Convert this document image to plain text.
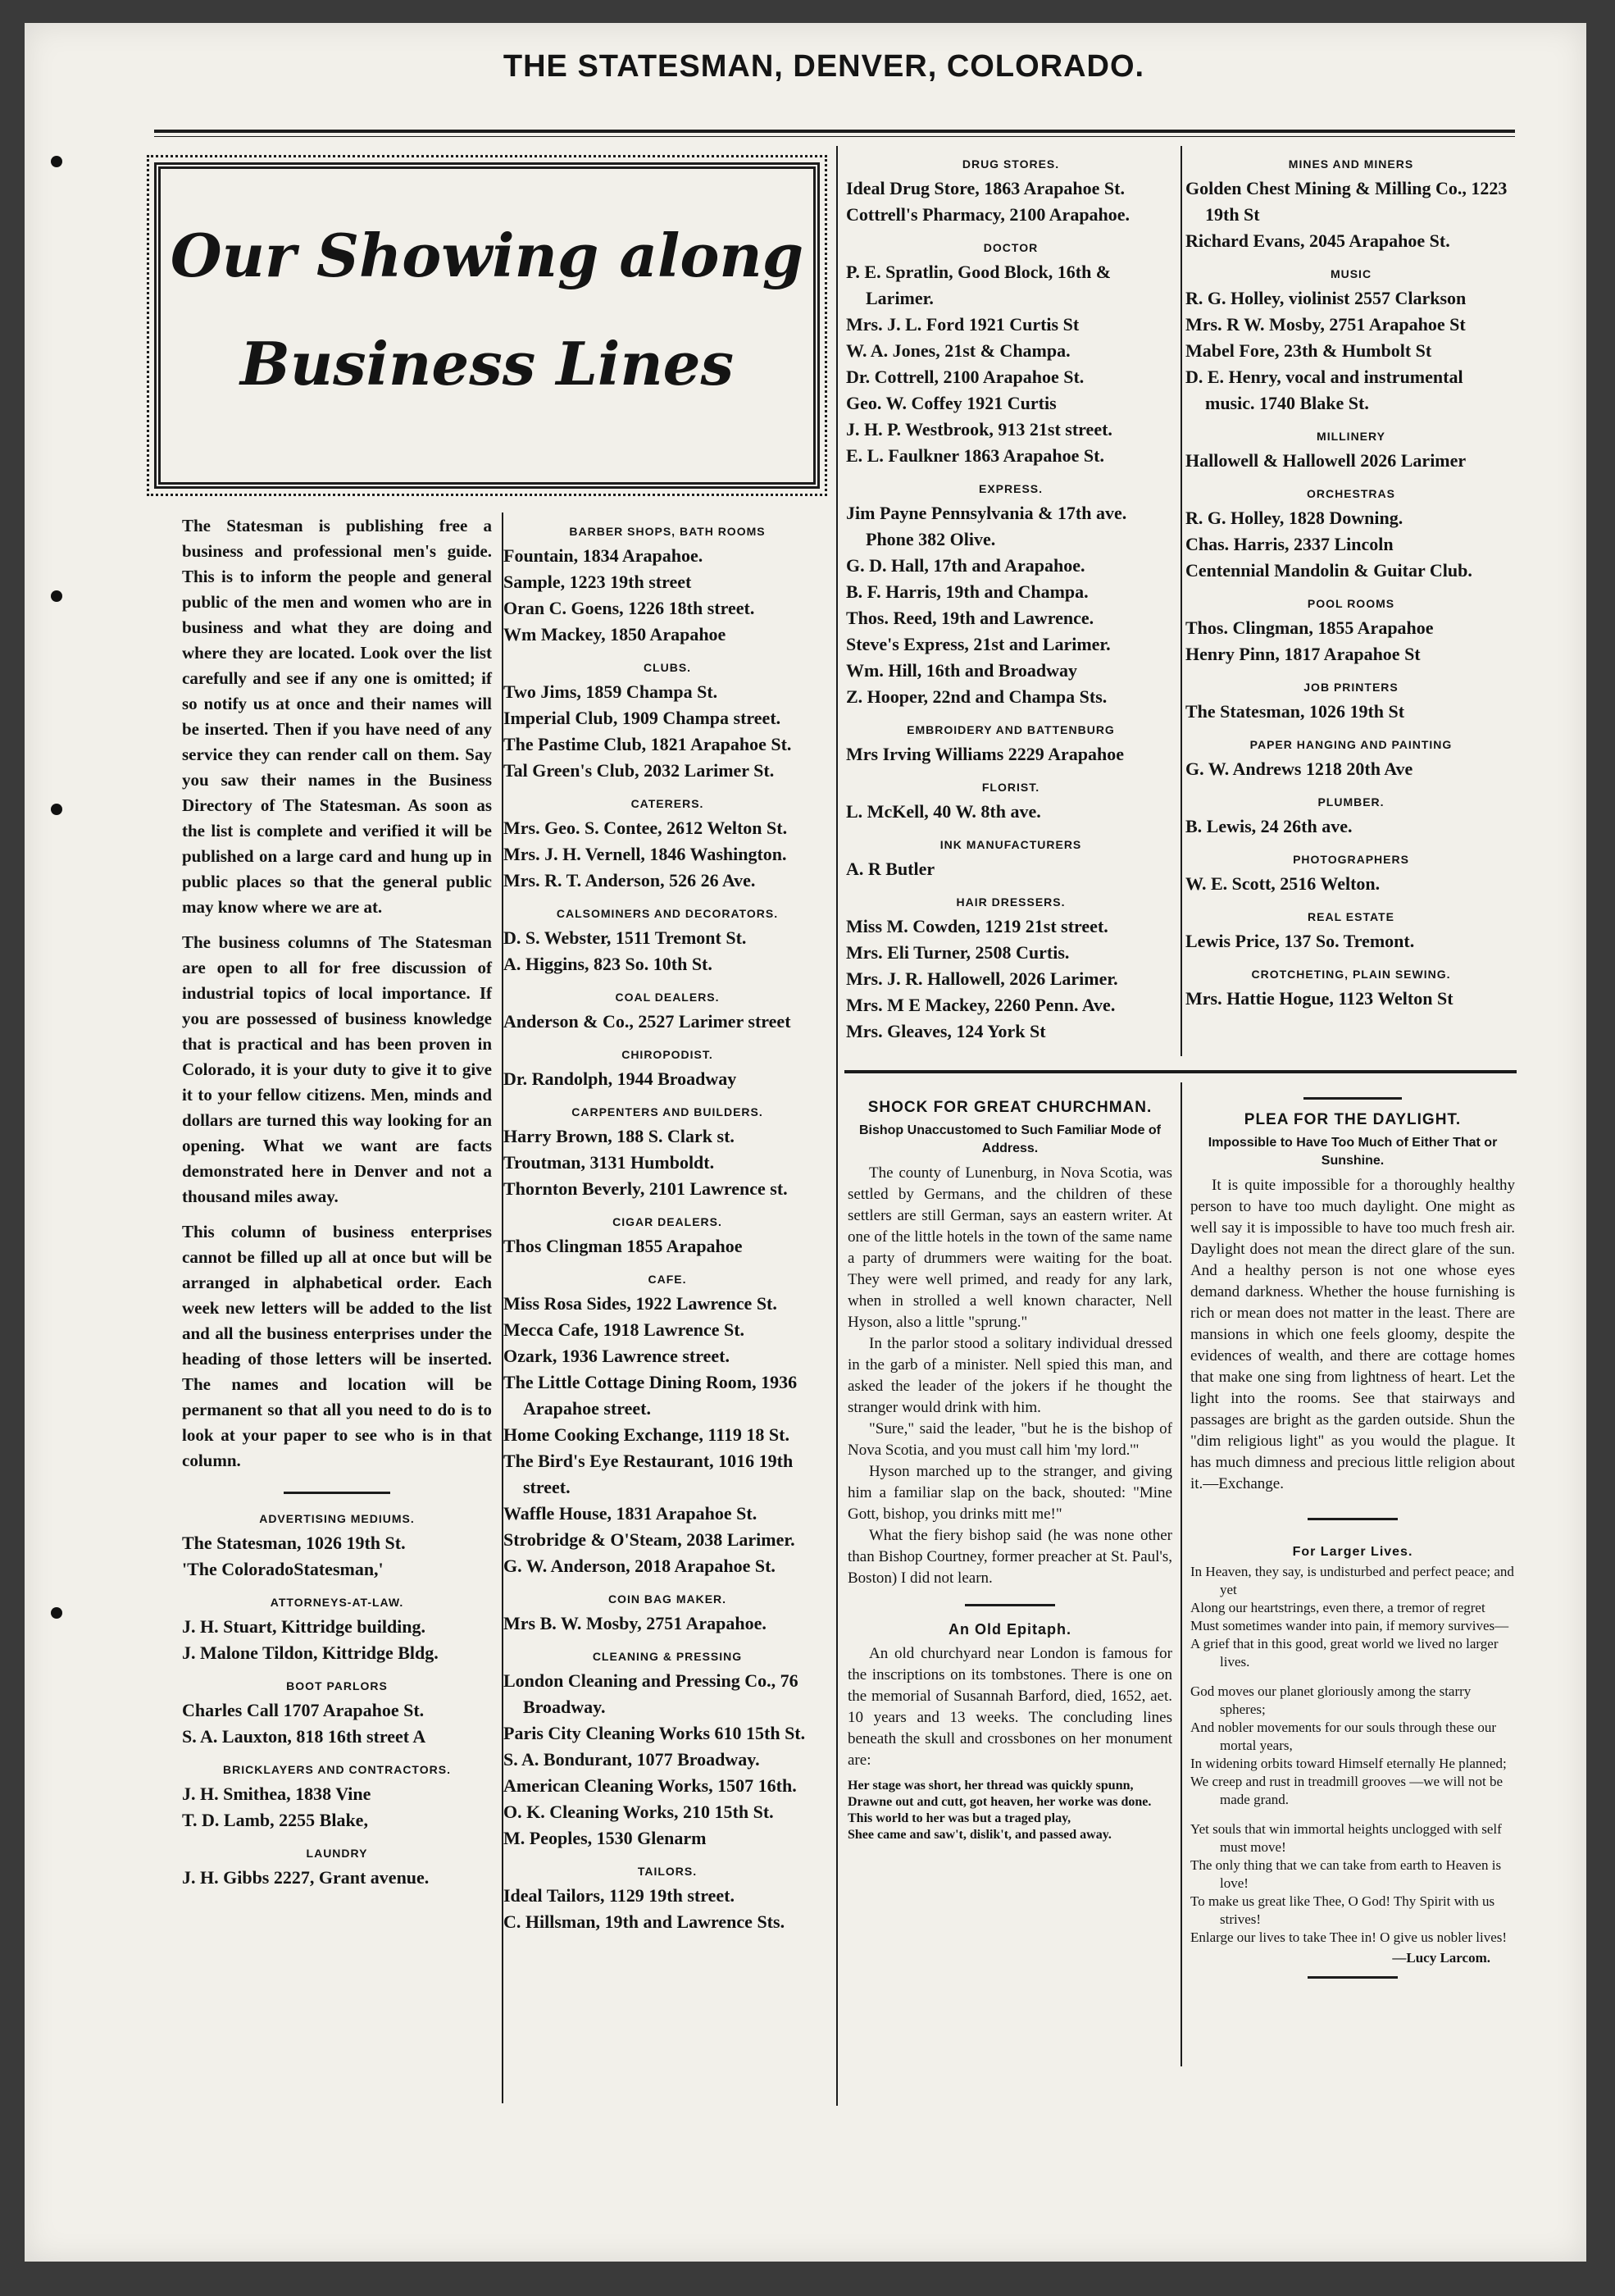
THE STATESMAN, DENVER, COLORADO.
Our Showing along
Business Lines

The Statesman is publishing free a business and professional men's guide. This is to inform the people and general public of the men and women who are in business and what they are doing and where they are located. Look over the list carefully and see if any one is omitted; if so notify us at once and their names will be inserted. Then if you have need of any service they can render call on them. Say you saw their names in the Business Directory of The Statesman. As soon as the list is complete and verified it will be published on a large card and hung up in public places so that the general public may know where we are at.

The business columns of The Statesman are open to all for free discussion of industrial topics of local importance. If you are possessed of business knowledge that is practical and has been proven in Colorado, it is your duty to give it to give it to your fellow citizens. Men, minds and dollars are turned this way looking for an opening. What we want are facts demonstrated here in Denver and not a thousand miles away.

This column of business enterprises cannot be filled up all at once but will be arranged in alphabetical order. Each week new letters will be added to the list and all the business enterprises under the heading of those letters will be inserted. The names and location will be permanent so that all you need to do is to look at your paper to see who is in that column.

ADVERTISING MEDIUMS.
The Statesman, 1026 19th St.
'The ColoradoStatesman,'
ATTORNEYS-AT-LAW.
J. H. Stuart, Kittridge building.
J. Malone Tildon, Kittridge Bldg.
BOOT PARLORS
Charles Call 1707 Arapahoe St.
S. A. Lauxton, 818 16th street A
BRICKLAYERS AND CONTRACTORS.
J. H. Smithea, 1838 Vine
T. D. Lamb, 2255 Blake,
LAUNDRY
J. H. Gibbs 2227, Grant avenue.
BARBER SHOPS, BATH ROOMS
Fountain, 1834 Arapahoe.
Sample, 1223 19th street
Oran C. Goens, 1226 18th street.
Wm Mackey, 1850 Arapahoe
CLUBS.
Two Jims, 1859 Champa St.
Imperial Club, 1909 Champa street.
The Pastime Club, 1821 Arapahoe St.
Tal Green's Club, 2032 Larimer St.
CATERERS.
Mrs. Geo. S. Contee, 2612 Welton St.
Mrs. J. H. Vernell, 1846 Washington.
Mrs. R. T. Anderson, 526 26 Ave.
CALSOMINERS AND DECORATORS.
D. S. Webster, 1511 Tremont St.
A. Higgins, 823 So. 10th St.
COAL DEALERS.
Anderson & Co., 2527 Larimer street
CHIROPODIST.
Dr. Randolph, 1944 Broadway
CARPENTERS AND BUILDERS.
Harry Brown, 188 S. Clark st.
Troutman, 3131 Humboldt.
Thornton Beverly, 2101 Lawrence st.
CIGAR DEALERS.
Thos Clingman 1855 Arapahoe
CAFE.
Miss Rosa Sides, 1922 Lawrence St.
Mecca Cafe, 1918 Lawrence St.
Ozark, 1936 Lawrence street.
The Little Cottage Dining Room, 1936 Arapahoe street.
Home Cooking Exchange, 1119 18 St.
The Bird's Eye Restaurant, 1016 19th street.
Waffle House, 1831 Arapahoe St.
Strobridge & O'Steam, 2038 Larimer.
G. W. Anderson, 2018 Arapahoe St.
COIN BAG MAKER.
Mrs B. W. Mosby, 2751 Arapahoe.
CLEANING & PRESSING
London Cleaning and Pressing Co., 76 Broadway.
Paris City Cleaning Works 610 15th St.
S. A. Bondurant, 1077 Broadway.
American Cleaning Works, 1507 16th.
O. K. Cleaning Works, 210 15th St.
M. Peoples, 1530 Glenarm
TAILORS.
Ideal Tailors, 1129 19th street.
C. Hillsman, 19th and Lawrence Sts.
DRUG STORES.
Ideal Drug Store, 1863 Arapahoe St.
Cottrell's Pharmacy, 2100 Arapahoe.
DOCTOR
P. E. Spratlin, Good Block, 16th & Larimer.
Mrs. J. L. Ford 1921 Curtis St
W. A. Jones, 21st & Champa.
Dr. Cottrell, 2100 Arapahoe St.
Geo. W. Coffey 1921 Curtis
J. H. P. Westbrook, 913 21st street.
E. L. Faulkner 1863 Arapahoe St.
EXPRESS.
Jim Payne Pennsylvania & 17th ave. Phone 382 Olive.
G. D. Hall, 17th and Arapahoe.
B. F. Harris, 19th and Champa.
Thos. Reed, 19th and Lawrence.
Steve's Express, 21st and Larimer.
Wm. Hill, 16th and Broadway
Z. Hooper, 22nd and Champa Sts.
EMBROIDERY AND BATTENBURG
Mrs Irving Williams 2229 Arapahoe
FLORIST.
L. McKell, 40 W. 8th ave.
INK MANUFACTURERS
A. R Butler
HAIR DRESSERS.
Miss M. Cowden, 1219 21st street.
Mrs. Eli Turner, 2508 Curtis.
Mrs. J. R. Hallowell, 2026 Larimer.
Mrs. M E Mackey, 2260 Penn. Ave.
Mrs. Gleaves, 124 York St
MINES AND MINERS
Golden Chest Mining & Milling Co., 1223 19th St
Richard Evans, 2045 Arapahoe St.
MUSIC
R. G. Holley, violinist 2557 Clarkson
Mrs. R W. Mosby, 2751 Arapahoe St
Mabel Fore, 23th & Humbolt St
D. E. Henry, vocal and instrumental music. 1740 Blake St.
MILLINERY
Hallowell & Hallowell 2026 Larimer
ORCHESTRAS
R. G. Holley, 1828 Downing.
Chas. Harris, 2337 Lincoln
Centennial Mandolin & Guitar Club.
POOL ROOMS
Thos. Clingman, 1855 Arapahoe
Henry Pinn, 1817 Arapahoe St
JOB PRINTERS
The Statesman, 1026 19th St
PAPER HANGING AND PAINTING
G. W. Andrews 1218 20th Ave
PLUMBER.
B. Lewis, 24 26th ave.
PHOTOGRAPHERS
W. E. Scott, 2516 Welton.
REAL ESTATE
Lewis Price, 137 So. Tremont.
CROTCHETING, PLAIN SEWING.
Mrs. Hattie Hogue, 1123 Welton St
SHOCK FOR GREAT CHURCHMAN.
Bishop Unaccustomed to Such Familiar Mode of Address.

The county of Lunenburg, in Nova Scotia, was settled by Germans, and the children of these settlers are still German, says an eastern writer. At one of the little hotels in the town of the same name a party of drummers were waiting for the boat. They were well primed, and ready for any lark, when in strolled a well known character, Nell Hyson, also a little "sprung."

In the parlor stood a solitary individual dressed in the garb of a minister. Nell spied this man, and asked the leader of the jokers if he thought the stranger would drink with him.

"Sure," said the leader, "but he is the bishop of Nova Scotia, and you must call him 'my lord.'"

Hyson marched up to the stranger, and giving him a familiar slap on the back, shouted: "Mine Gott, bishop, you drinks mitt me!"

What the fiery bishop said (he was none other than Bishop Courtney, former preacher at St. Paul's, Boston) I did not learn.

An Old Epitaph.

An old churchyard near London is famous for the inscriptions on its tombstones. There is one on the memorial of Susannah Barford, died, 1652, aet. 10 years and 13 weeks. The concluding lines beneath the skull and crossbones on her monument are:

Her stage was short, her thread was quickly spunn,
Drawne out and cutt, got heaven, her worke was done.
This world to her was but a traged play,
Shee came and saw't, dislik't, and passed away.
PLEA FOR THE DAYLIGHT.
Impossible to Have Too Much of Either That or Sunshine.

It is quite impossible for a thoroughly healthy person to have too much daylight. One might as well say it is impossible to have too much fresh air. Daylight does not mean the direct glare of the sun. And a healthy person is not one whose eyes demand darkness. Whether the house furnishing is rich or mean does not matter in the least. There are mansions in which one feels gloomy, despite the evidences of wealth, and there are cottage homes that make one sing from lightness of heart. Let the light into the rooms. See that stairways and passages are bright as the garden outside. Shun the "dim religious light" as you would the plague. It has much dimness and precious little religion about it.—Exchange.

For Larger Lives.
In Heaven, they say, is undisturbed and perfect peace; and yet
Along our heartstrings, even there, a tremor of regret
Must sometimes wander into pain, if memory survives—
A grief that in this good, great world we lived no larger lives.
God moves our planet gloriously among the starry spheres;
And nobler movements for our souls through these our mortal years,
In widening orbits toward Himself eternally He planned;
We creep and rust in treadmill grooves —we will not be made grand.
Yet souls that win immortal heights unclogged with self must move!
The only thing that we can take from earth to Heaven is love!
To make us great like Thee, O God! Thy Spirit with us strives!
Enlarge our lives to take Thee in! O give us nobler lives!
—Lucy Larcom.
